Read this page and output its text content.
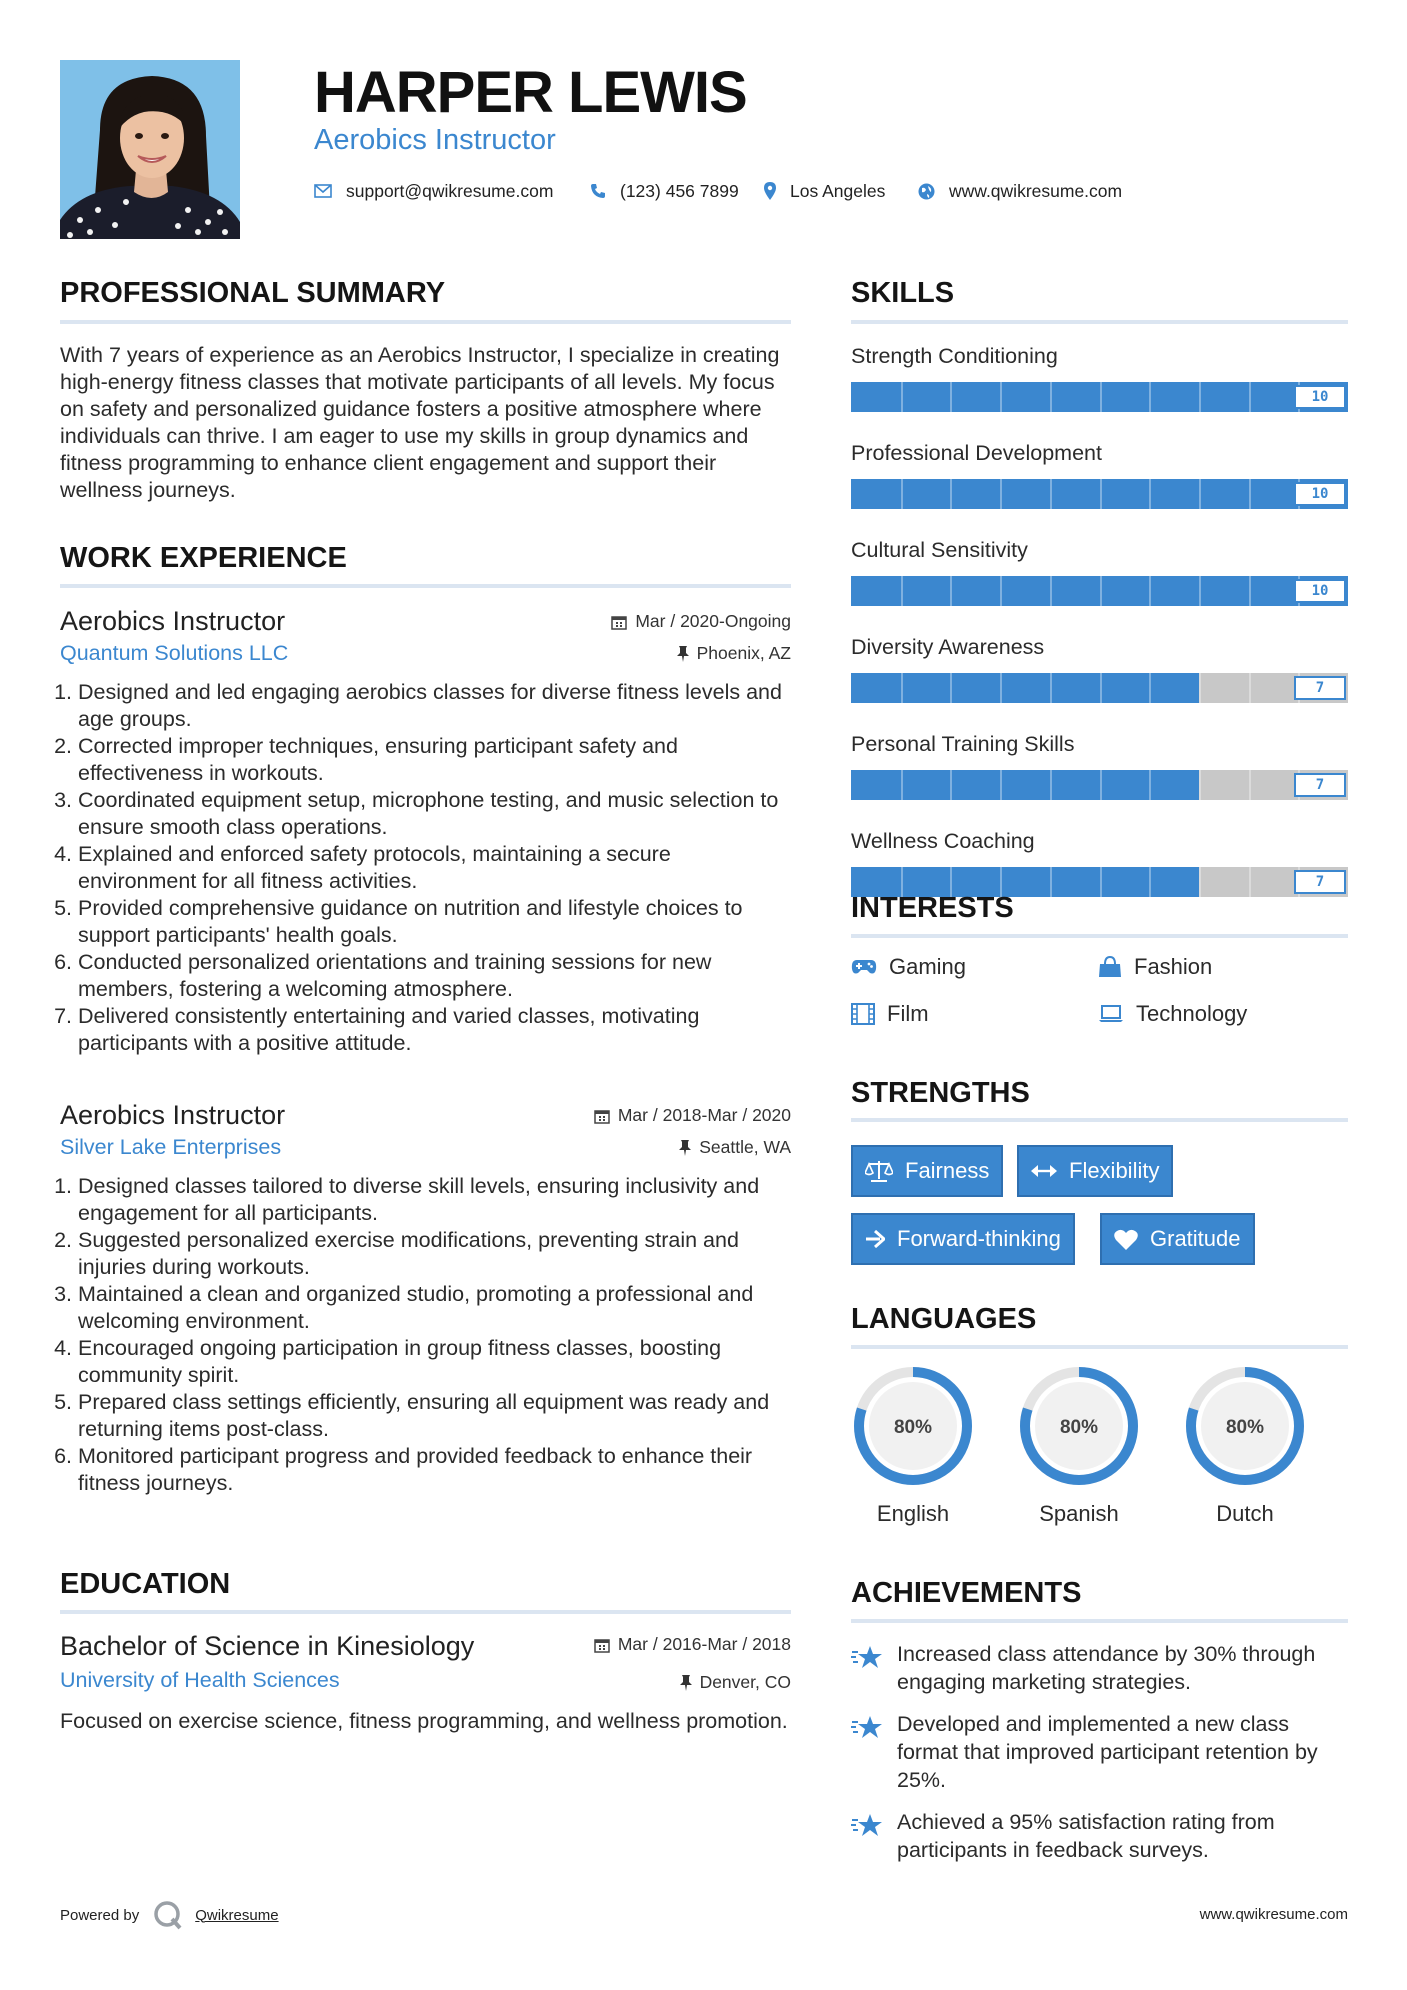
HARPER LEWIS
Aerobics Instructor
support@qwikresume.com	(123) 456 7899	Los Angeles	www.qwikresume.com
PROFESSIONAL SUMMARY
With 7 years of experience as an Aerobics Instructor, I specialize in creating high-energy fitness classes that motivate participants of all levels. My focus on safety and personalized guidance fosters a positive atmosphere where individuals can thrive. I am eager to use my skills in group dynamics and fitness programming to enhance client engagement and support their wellness journeys.
WORK EXPERIENCE
Aerobics Instructor	Mar / 2020-Ongoing
Quantum Solutions LLC	Phoenix, AZ
1. Designed and led engaging aerobics classes for diverse fitness levels and age groups.
2. Corrected improper techniques, ensuring participant safety and effectiveness in workouts.
3. Coordinated equipment setup, microphone testing, and music selection to ensure smooth class operations.
4. Explained and enforced safety protocols, maintaining a secure environment for all fitness activities.
5. Provided comprehensive guidance on nutrition and lifestyle choices to support participants' health goals.
6. Conducted personalized orientations and training sessions for new members, fostering a welcoming atmosphere.
7. Delivered consistently entertaining and varied classes, motivating participants with a positive attitude.
Aerobics Instructor	Mar / 2018-Mar / 2020
Silver Lake Enterprises	Seattle, WA
1. Designed classes tailored to diverse skill levels, ensuring inclusivity and engagement for all participants.
2. Suggested personalized exercise modifications, preventing strain and injuries during workouts.
3. Maintained a clean and organized studio, promoting a professional and welcoming environment.
4. Encouraged ongoing participation in group fitness classes, boosting community spirit.
5. Prepared class settings efficiently, ensuring all equipment was ready and returning items post-class.
6. Monitored participant progress and provided feedback to enhance their fitness journeys.
EDUCATION
Bachelor of Science in Kinesiology	Mar / 2016-Mar / 2018
University of Health Sciences	Denver, CO
Focused on exercise science, fitness programming, and wellness promotion.
SKILLS
Strength Conditioning
10
Professional Development
10
Cultural Sensitivity
10
Diversity Awareness
7
Personal Training Skills
7
Wellness Coaching
7
INTERESTS
Gaming	Fashion
Film	Technology
STRENGTHS
Fairness	Flexibility
Forward-thinking	Gratitude
LANGUAGES
80%
English
80%
Spanish
80%
Dutch
ACHIEVEMENTS
Increased class attendance by 30% through engaging marketing strategies.
Developed and implemented a new class format that improved participant retention by 25%.
Achieved a 95% satisfaction rating from participants in feedback surveys.
Powered by	Qwikresume	www.qwikresume.com
